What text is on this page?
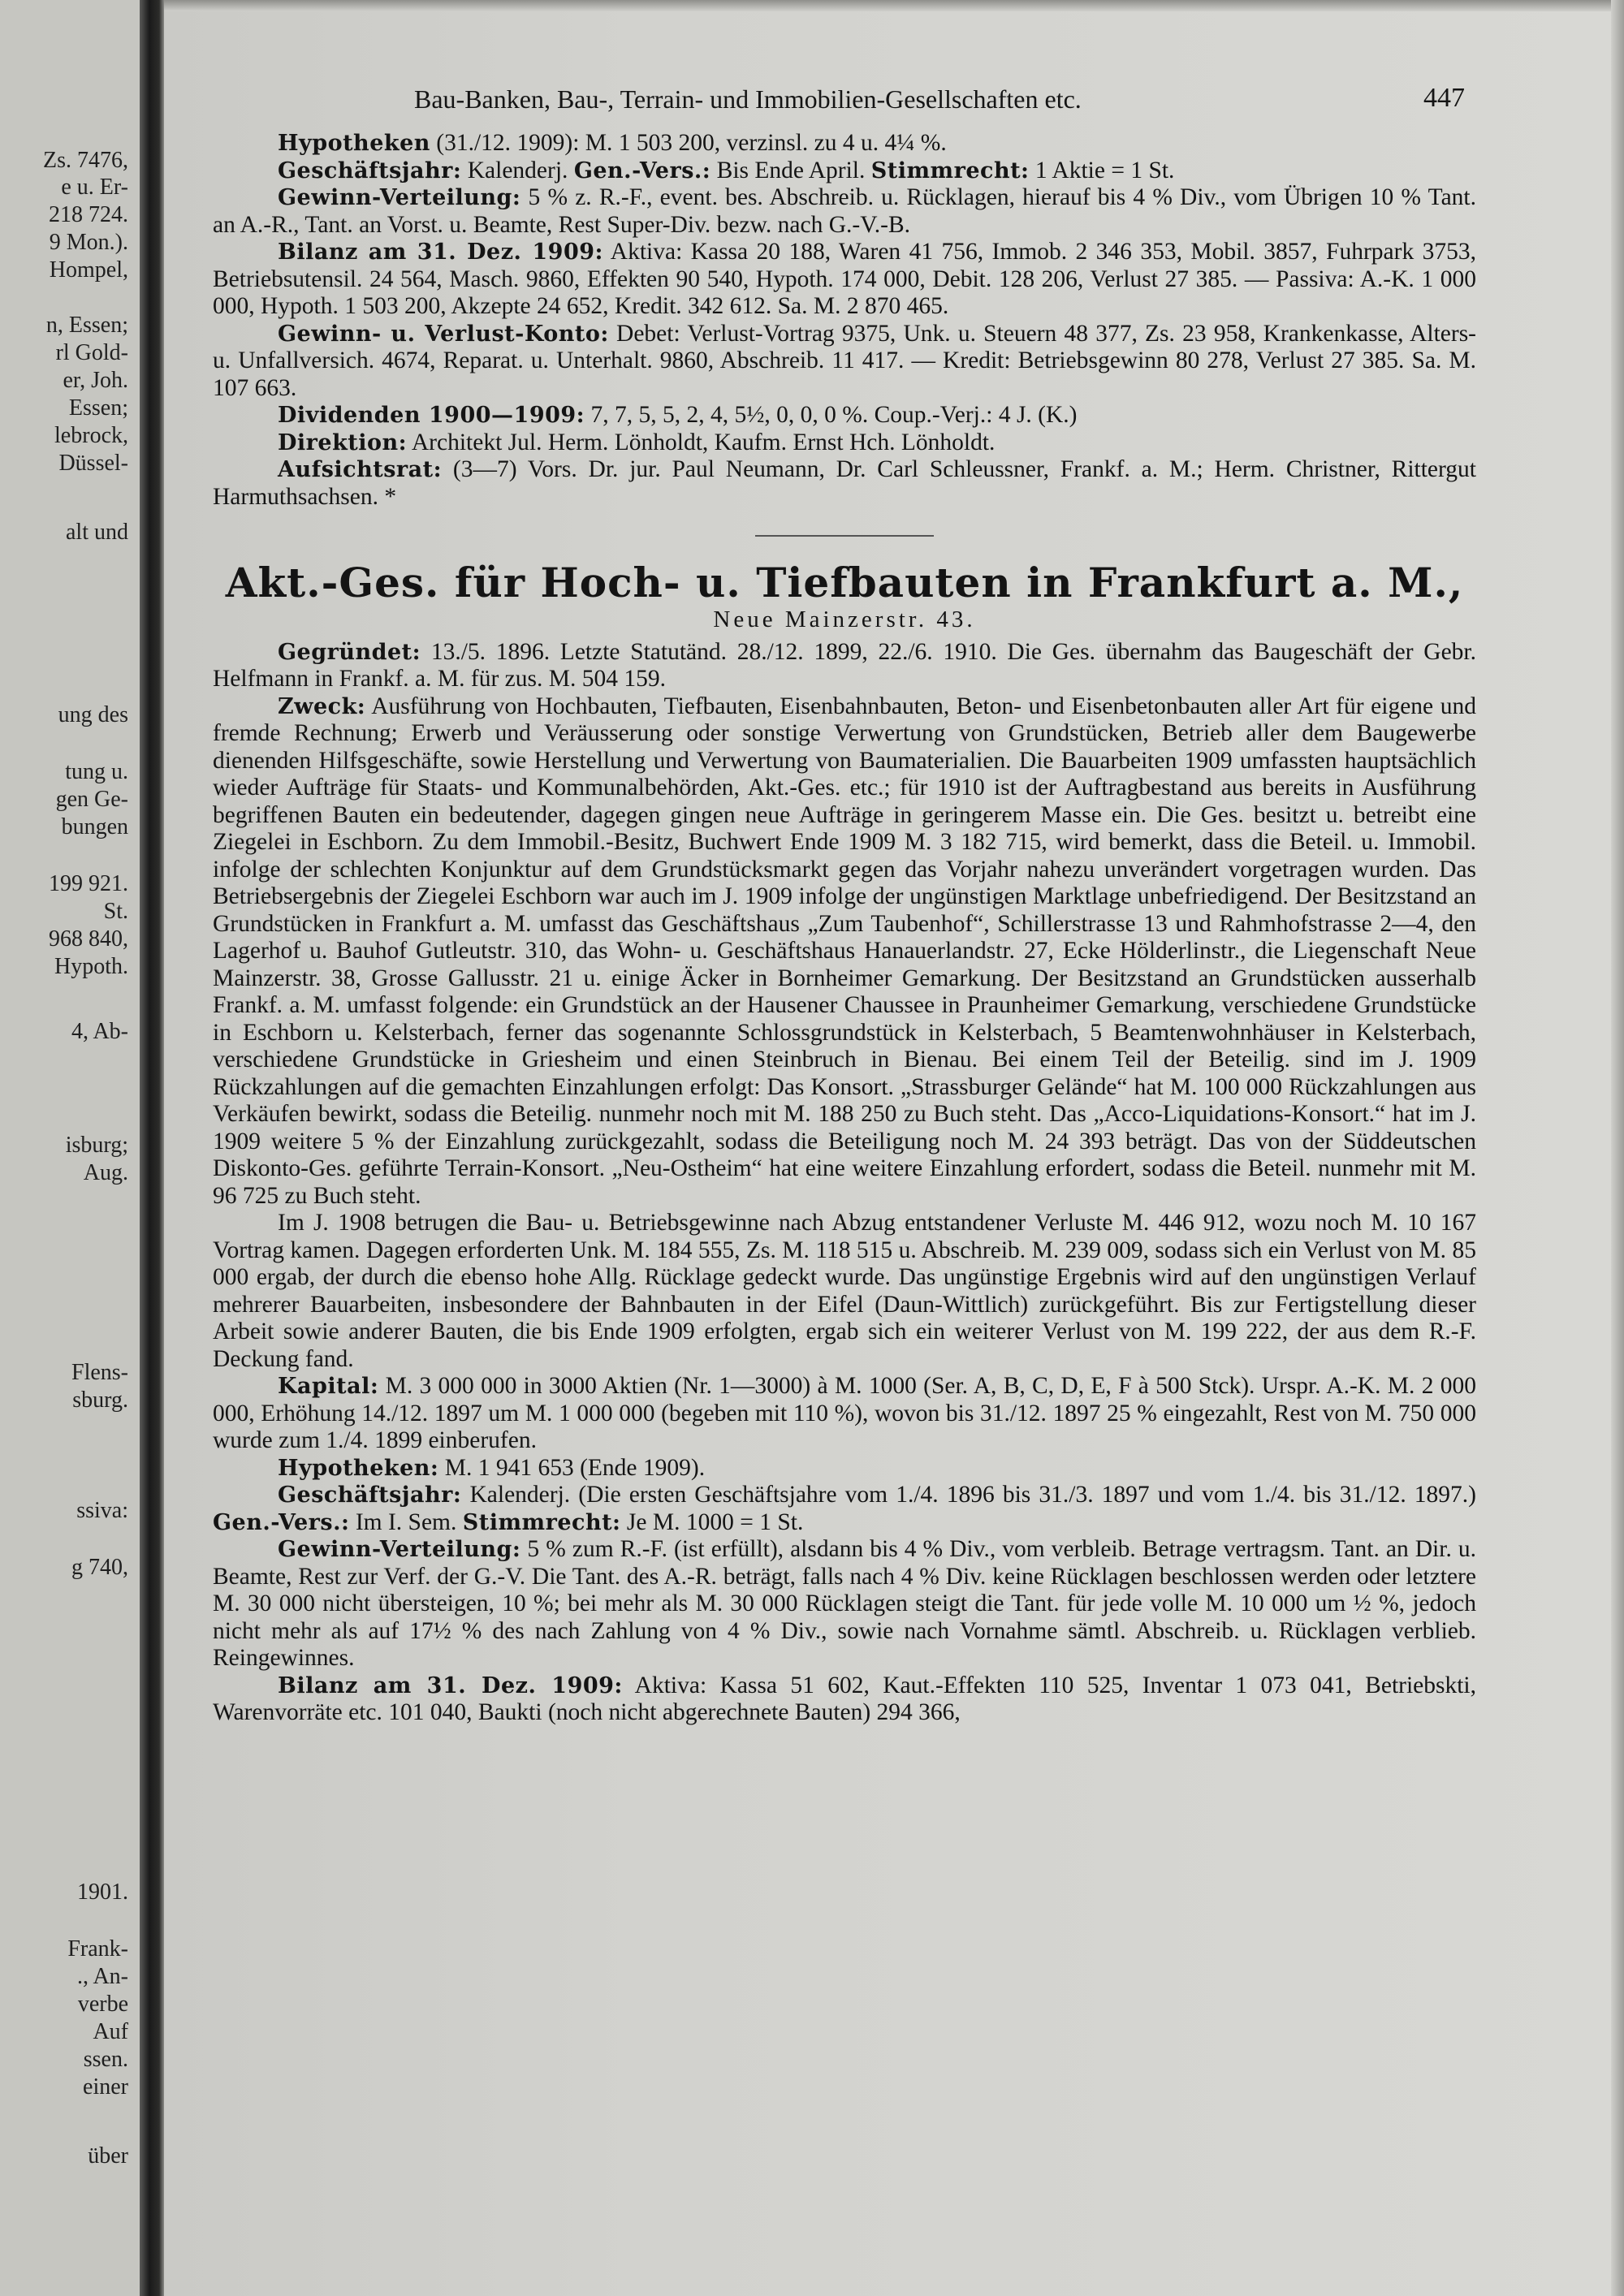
Zs. 7476,
e u. Er-
218 724.
9 Mon.).
Hompel,
n, Essen;
rl Gold-
er, Joh.
Essen;
lebrock,
Düssel-
alt und
ung des
tung u.
gen Ge-
bungen
199 921.
St.
968 840,
Hypoth.
4, Ab-
isburg;
Aug.
Flens-
sburg.
ssiva:
g 740,
1901.
Frank-
., An-
verbe
Auf
ssen.
einer
über
Bau-Banken, Bau-, Terrain- und Immobilien-Gesellschaften etc.	447

Hypotheken (31./12. 1909): M. 1 503 200, verzinsl. zu 4 u. 4¼ %.

Geschäftsjahr: Kalenderj. Gen.-Vers.: Bis Ende April. Stimmrecht: 1 Aktie = 1 St.

Gewinn-Verteilung: 5 % z. R.-F., event. bes. Abschreib. u. Rücklagen, hierauf bis 4 % Div., vom Übrigen 10 % Tant. an A.-R., Tant. an Vorst. u. Beamte, Rest Super-Div. bezw. nach G.-V.-B.

Bilanz am 31. Dez. 1909: Aktiva: Kassa 20 188, Waren 41 756, Immob. 2 346 353, Mobil. 3857, Fuhrpark 3753, Betriebsutensil. 24 564, Masch. 9860, Effekten 90 540, Hypoth. 174 000, Debit. 128 206, Verlust 27 385. — Passiva: A.-K. 1 000 000, Hypoth. 1 503 200, Akzepte 24 652, Kredit. 342 612. Sa. M. 2 870 465.

Gewinn- u. Verlust-Konto: Debet: Verlust-Vortrag 9375, Unk. u. Steuern 48 377, Zs. 23 958, Krankenkasse, Alters- u. Unfallversich. 4674, Reparat. u. Unterhalt. 9860, Abschreib. 11 417. — Kredit: Betriebsgewinn 80 278, Verlust 27 385. Sa. M. 107 663.

Dividenden 1900—1909: 7, 7, 5, 5, 2, 4, 5½, 0, 0, 0 %. Coup.-Verj.: 4 J. (K.)

Direktion: Architekt Jul. Herm. Lönholdt, Kaufm. Ernst Hch. Lönholdt.

Aufsichtsrat: (3—7) Vors. Dr. jur. Paul Neumann, Dr. Carl Schleussner, Frankf. a. M.; Herm. Christner, Rittergut Harmuthsachsen. *

Akt.-Ges. für Hoch- u. Tiefbauten in Frankfurt a. M.,
Neue Mainzerstr. 43.

Gegründet: 13./5. 1896. Letzte Statutänd. 28./12. 1899, 22./6. 1910. Die Ges. übernahm das Baugeschäft der Gebr. Helfmann in Frankf. a. M. für zus. M. 504 159.

Zweck: Ausführung von Hochbauten, Tiefbauten, Eisenbahnbauten, Beton- und Eisenbetonbauten aller Art für eigene und fremde Rechnung; Erwerb und Veräusserung oder sonstige Verwertung von Grundstücken, Betrieb aller dem Baugewerbe dienenden Hilfsgeschäfte, sowie Herstellung und Verwertung von Baumaterialien. Die Bauarbeiten 1909 umfassten hauptsächlich wieder Aufträge für Staats- und Kommunalbehörden, Akt.-Ges. etc.; für 1910 ist der Auftragbestand aus bereits in Ausführung begriffenen Bauten ein bedeutender, dagegen gingen neue Aufträge in geringerem Masse ein. Die Ges. besitzt u. betreibt eine Ziegelei in Eschborn. Zu dem Immobil.-Besitz, Buchwert Ende 1909 M. 3 182 715, wird bemerkt, dass die Beteil. u. Immobil. infolge der schlechten Konjunktur auf dem Grundstücksmarkt gegen das Vorjahr nahezu unverändert vorgetragen wurden. Das Betriebsergebnis der Ziegelei Eschborn war auch im J. 1909 infolge der ungünstigen Marktlage unbefriedigend. Der Besitzstand an Grundstücken in Frankfurt a. M. umfasst das Geschäftshaus „Zum Taubenhof“, Schillerstrasse 13 und Rahmhofstrasse 2—4, den Lagerhof u. Bauhof Gutleutstr. 310, das Wohn- u. Geschäftshaus Hanauerlandstr. 27, Ecke Hölderlinstr., die Liegenschaft Neue Mainzerstr. 38, Grosse Gallusstr. 21 u. einige Äcker in Bornheimer Gemarkung. Der Besitzstand an Grundstücken ausserhalb Frankf. a. M. umfasst folgende: ein Grundstück an der Hausener Chaussee in Praunheimer Gemarkung, verschiedene Grundstücke in Eschborn u. Kelsterbach, ferner das sogenannte Schlossgrundstück in Kelsterbach, 5 Beamtenwohnhäuser in Kelsterbach, verschiedene Grundstücke in Griesheim und einen Steinbruch in Bienau. Bei einem Teil der Beteilig. sind im J. 1909 Rückzahlungen auf die gemachten Einzahlungen erfolgt: Das Konsort. „Strassburger Gelände“ hat M. 100 000 Rückzahlungen aus Verkäufen bewirkt, sodass die Beteilig. nunmehr noch mit M. 188 250 zu Buch steht. Das „Acco-Liquidations-Konsort.“ hat im J. 1909 weitere 5 % der Einzahlung zurückgezahlt, sodass die Beteiligung noch M. 24 393 beträgt. Das von der Süddeutschen Diskonto-Ges. geführte Terrain-Konsort. „Neu-Ostheim“ hat eine weitere Einzahlung erfordert, sodass die Beteil. nunmehr mit M. 96 725 zu Buch steht.

Im J. 1908 betrugen die Bau- u. Betriebsgewinne nach Abzug entstandener Verluste M. 446 912, wozu noch M. 10 167 Vortrag kamen. Dagegen erforderten Unk. M. 184 555, Zs. M. 118 515 u. Abschreib. M. 239 009, sodass sich ein Verlust von M. 85 000 ergab, der durch die ebenso hohe Allg. Rücklage gedeckt wurde. Das ungünstige Ergebnis wird auf den ungünstigen Verlauf mehrerer Bauarbeiten, insbesondere der Bahnbauten in der Eifel (Daun-Wittlich) zurückgeführt. Bis zur Fertigstellung dieser Arbeit sowie anderer Bauten, die bis Ende 1909 erfolgten, ergab sich ein weiterer Verlust von M. 199 222, der aus dem R.-F. Deckung fand.

Kapital: M. 3 000 000 in 3000 Aktien (Nr. 1—3000) à M. 1000 (Ser. A, B, C, D, E, F à 500 Stck). Urspr. A.-K. M. 2 000 000, Erhöhung 14./12. 1897 um M. 1 000 000 (begeben mit 110 %), wovon bis 31./12. 1897 25 % eingezahlt, Rest von M. 750 000 wurde zum 1./4. 1899 einberufen.

Hypotheken: M. 1 941 653 (Ende 1909).

Geschäftsjahr: Kalenderj. (Die ersten Geschäftsjahre vom 1./4. 1896 bis 31./3. 1897 und vom 1./4. bis 31./12. 1897.) Gen.-Vers.: Im I. Sem. Stimmrecht: Je M. 1000 = 1 St.

Gewinn-Verteilung: 5 % zum R.-F. (ist erfüllt), alsdann bis 4 % Div., vom verbleib. Betrage vertragsm. Tant. an Dir. u. Beamte, Rest zur Verf. der G.-V. Die Tant. des A.-R. beträgt, falls nach 4 % Div. keine Rücklagen beschlossen werden oder letztere M. 30 000 nicht übersteigen, 10 %; bei mehr als M. 30 000 Rücklagen steigt die Tant. für jede volle M. 10 000 um ½ %, jedoch nicht mehr als auf 17½ % des nach Zahlung von 4 % Div., sowie nach Vornahme sämtl. Abschreib. u. Rücklagen verblieb. Reingewinnes.

Bilanz am 31. Dez. 1909: Aktiva: Kassa 51 602, Kaut.-Effekten 110 525, Inventar 1 073 041, Betriebskti, Warenvorräte etc. 101 040, Baukti (noch nicht abgerechnete Bauten) 294 366,
